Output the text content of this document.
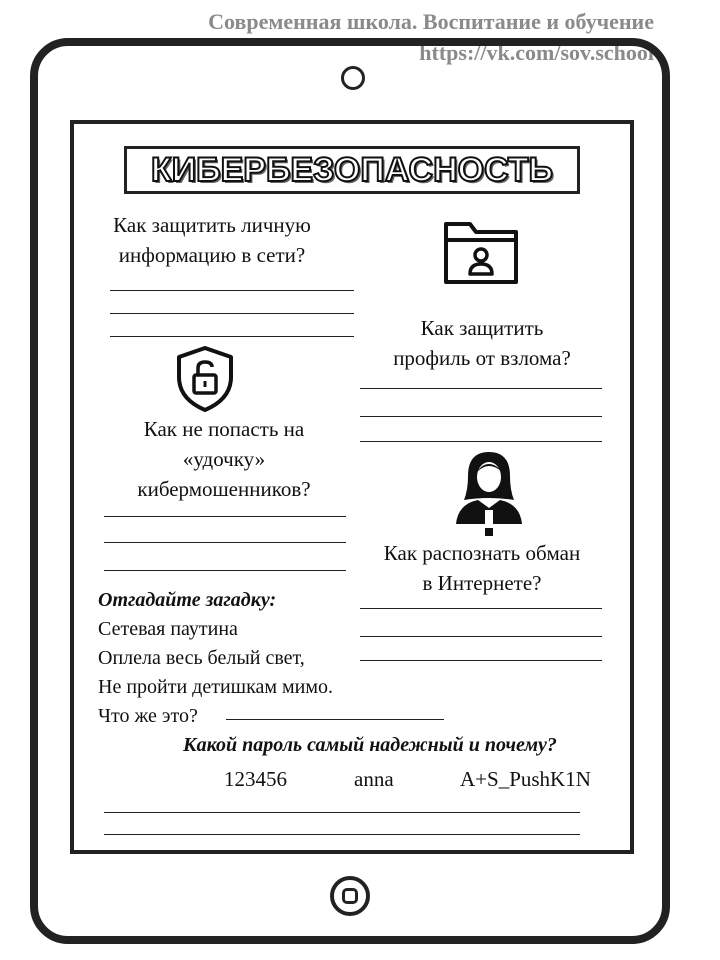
Современная школа. Воспитание и обучение
https://vk.com/sov.school
КИБЕРБЕЗОПАСНОСТЬ
Как защитить личную
информацию в сети?
Как защитить
профиль от взлома?
Как не попасть на
«удочку»
кибермошенников?
Как распознать обман
в Интернете?
Отгадайте загадку:
Сетевая паутина
Оплела весь белый свет,
Не пройти детишкам мимо.
Что же это?
Какой пароль самый надежный и почему?
123456	anna	A+S_PushK1N
